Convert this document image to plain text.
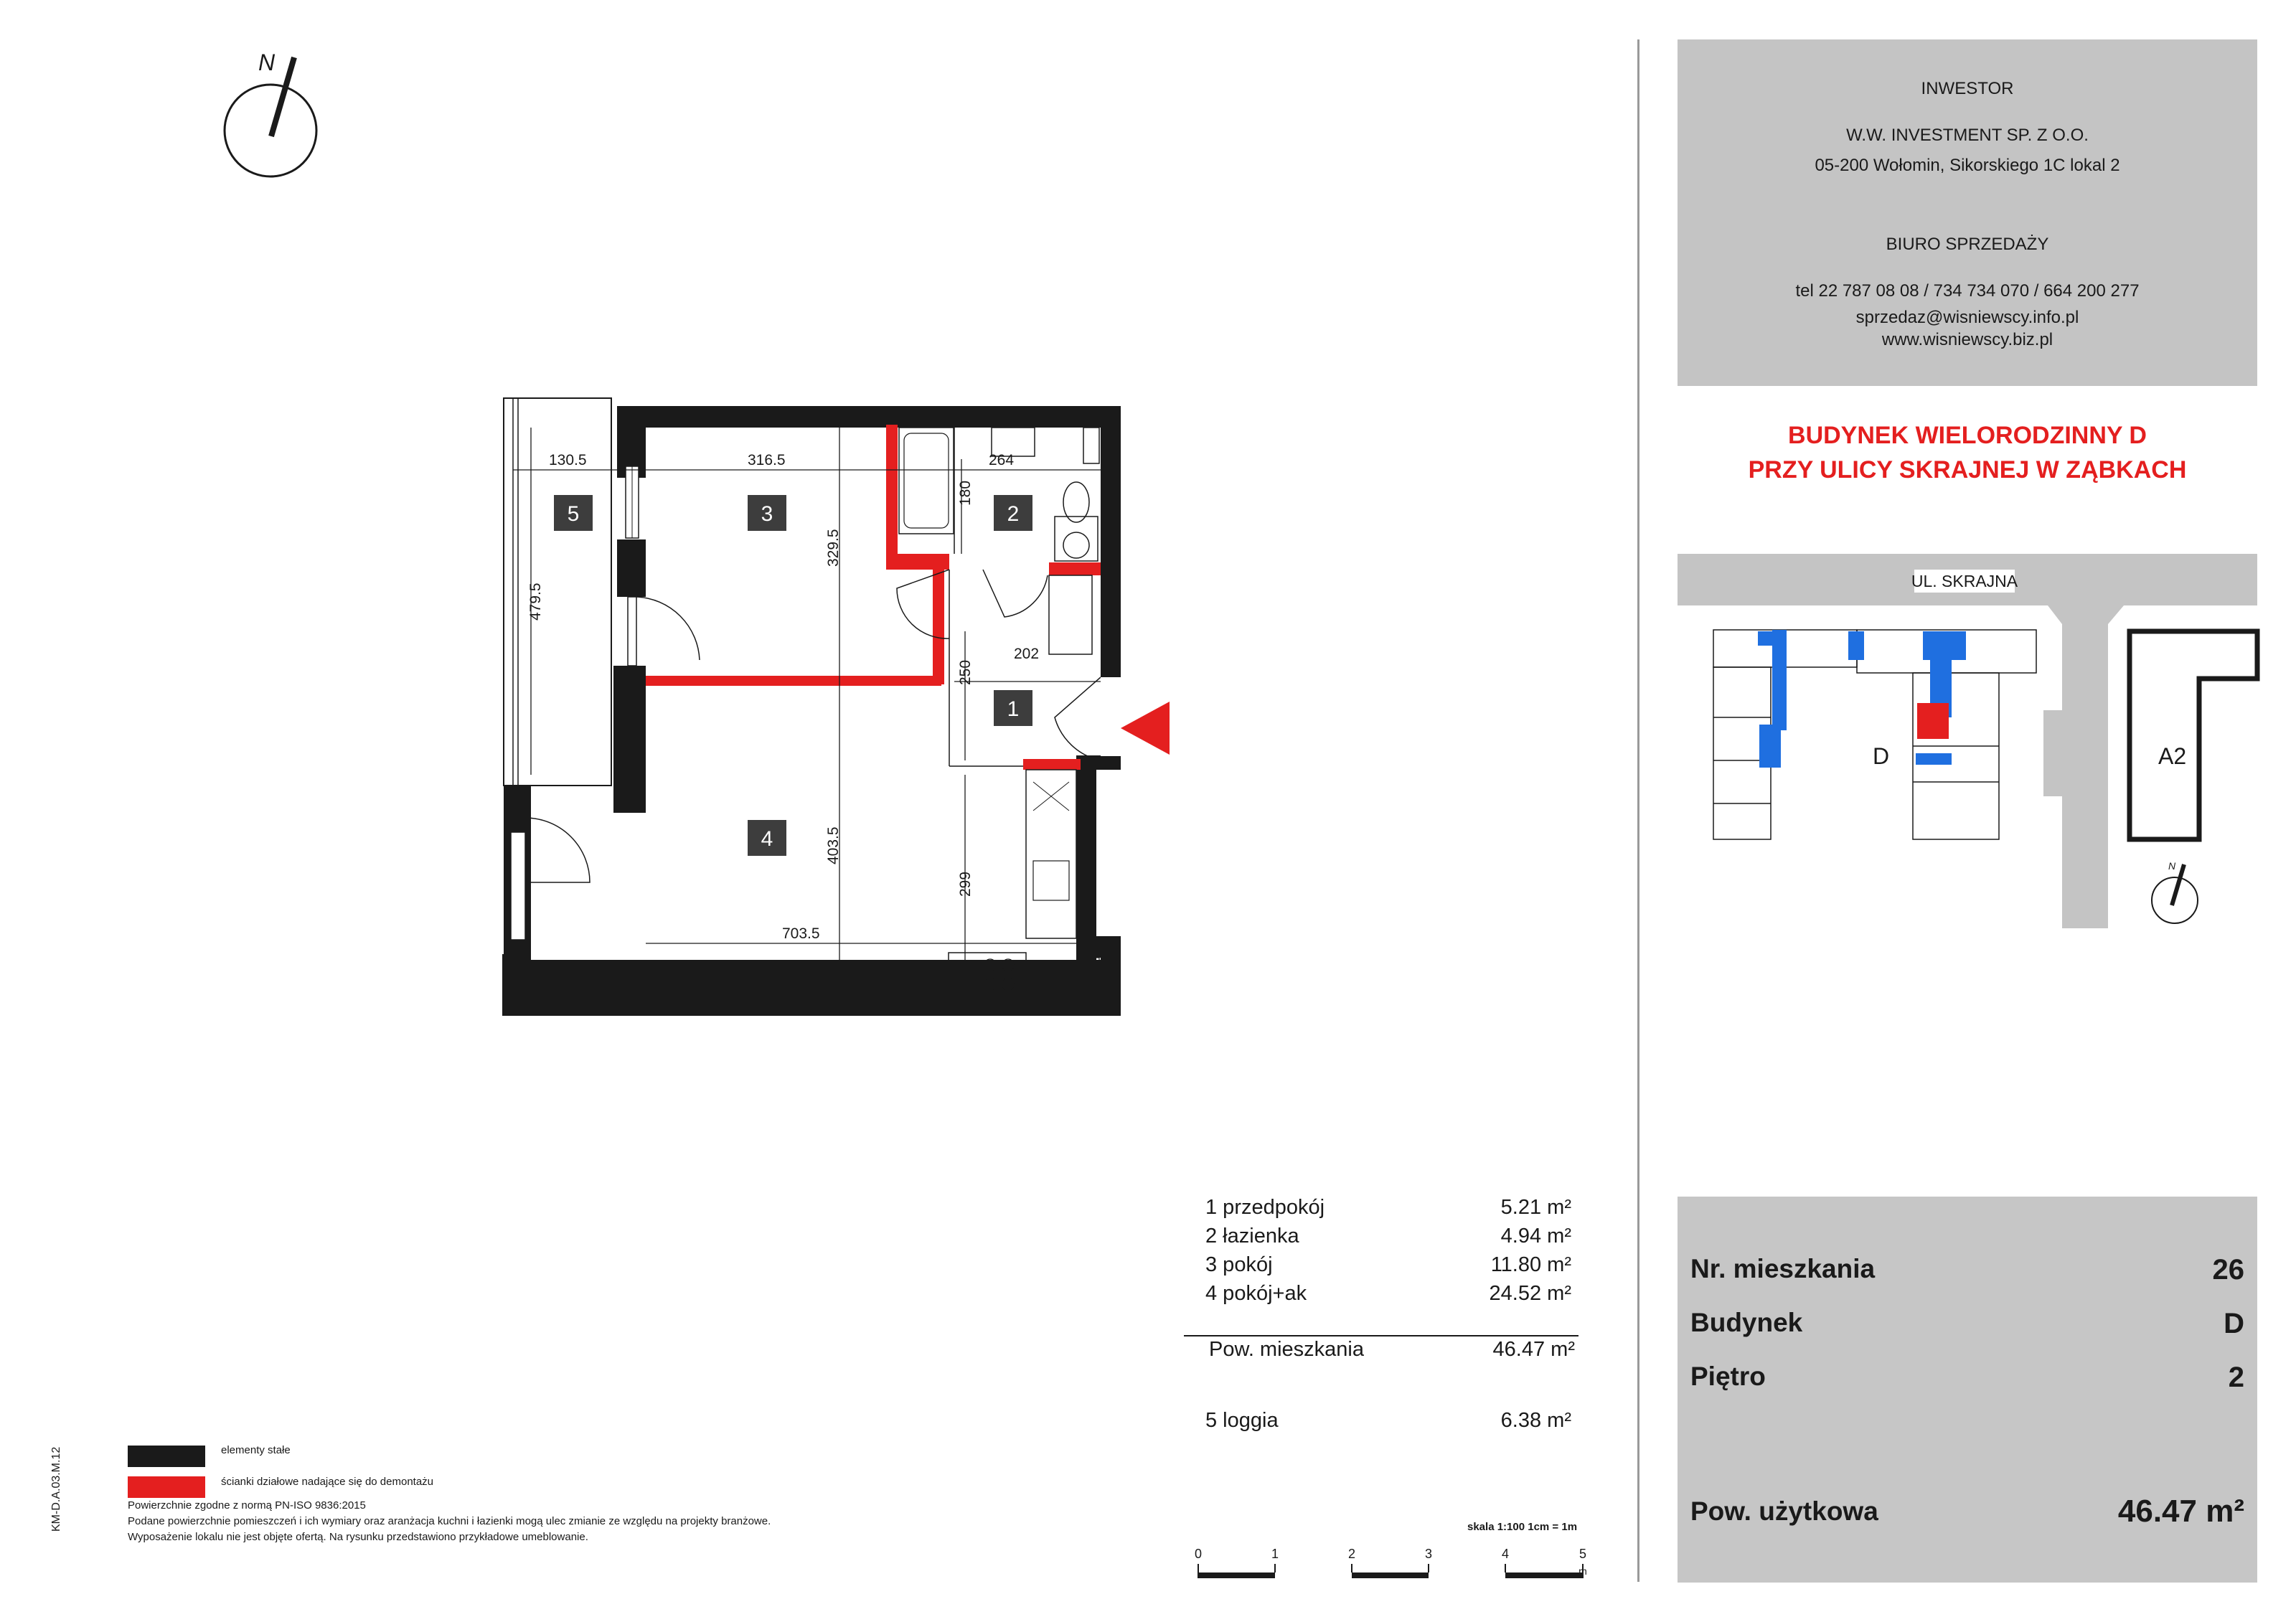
N
130.5	316.5	264
180
329.5
479.5
202
250
403.5
299
703.5
5	3	2
1
4
UL. SKRAJNA
D	A2
N
INWESTOR
W.W. INVESTMENT SP. Z O.O.
05-200 Wołomin, Sikorskiego 1C lokal 2
BIURO SPRZEDAŻY
tel 22 787 08 08 / 734 734 070 / 664 200 277
sprzedaz@wisniewscy.info.pl
www.wisniewscy.biz.pl
BUDYNEK WIELORODZINNY D
PRZY ULICY SKRAJNEJ W ZĄBKACH
Nr. mieszkania	26
Budynek	D
Piętro	2
Pow. użytkowa	46.47 m²
1 przedpokój	5.21 m²
2 łazienka	4.94 m²
3 pokój	11.80 m²
4 pokój+ak	24.52 m²
Pow. mieszkania	46.47 m²
5 loggia	6.38 m²
skala 1:100 1cm = 1m
0	1	2	3	4	5
m
elementy stałe
ścianki działowe nadające się do demontażu
Powierzchnie zgodne z normą PN-ISO 9836:2015
Podane powierzchnie pomieszczeń i ich wymiary oraz aranżacja kuchni i łazienki mogą ulec zmianie ze względu na projekty branżowe.
Wyposażenie lokalu nie jest objęte ofertą. Na rysunku przedstawiono przykładowe umeblowanie.
KM-D.A.03.M.12
